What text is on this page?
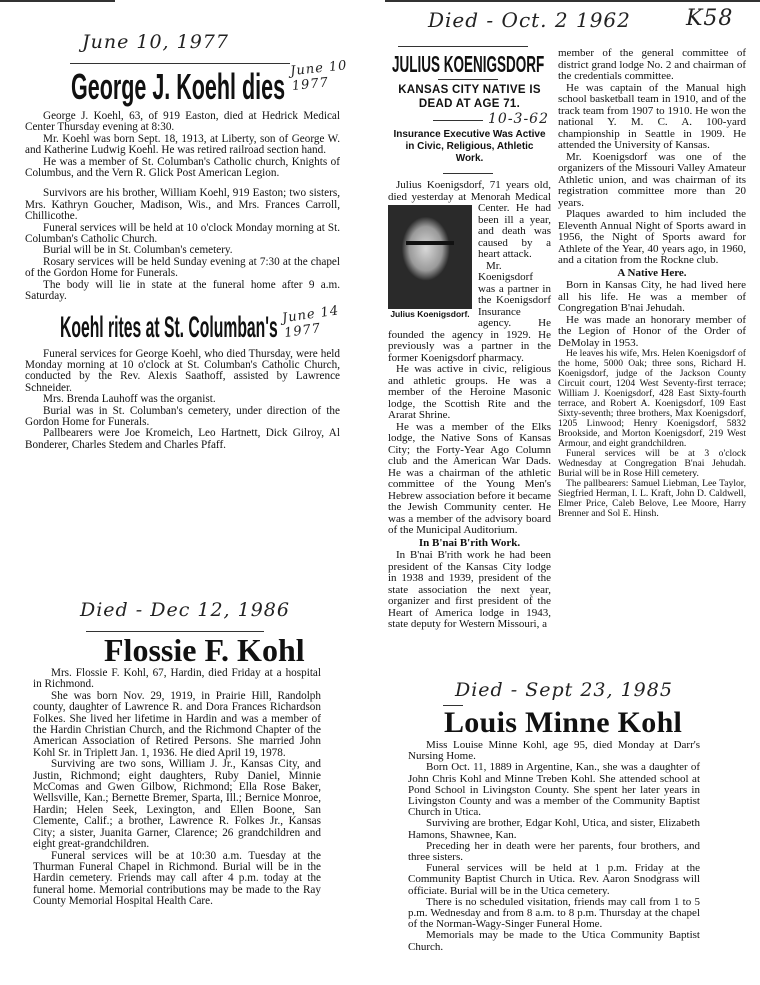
June 10, 1977
George J. Koehl dies June 10 1977

George J. Koehl, 63, of 919 Easton, died at Hedrick Medical Center Thursday evening at 8:30.

Mr. Koehl was born Sept. 18, 1913, at Liberty, son of George W. and Katherine Ludwig Koehl. He was retired railroad section hand.

He was a member of St. Columban's Catholic church, Knights of Columbus, and the Vern R. Glick Post American Legion.

Survivors are his brother, William Koehl, 919 Easton; two sisters, Mrs. Kathryn Goucher, Madison, Wis., and Mrs. Frances Carroll, Chillicothe.

Funeral services will be held at 10 o'clock Monday morning at St. Columban's Catholic Church.

Burial will be in St. Columban's cemetery.

Rosary services will be held Sunday evening at 7:30 at the chapel of the Gordon Home for Funerals.

The body will lie in state at the funeral home after 9 a.m. Saturday.

Koehl rites at St. Columban's June 14 1977

Funeral services for George Koehl, who died Thursday, were held Monday morning at 10 o'clock at St. Columban's Catholic Church, conducted by the Rev. Alexis Saathoff, assisted by Lawrence Schneider.

Mrs. Brenda Lauhoff was the organist.

Burial was in St. Columban's cemetery, under direction of the Gordon Home for Funerals.

Pallbearers were Joe Kromeich, Leo Hartnett, Dick Gilroy, Al Bonderer, Charles Stedem and Charles Pfaff.

Died - Dec 12, 1986
Flossie F. Kohl

Mrs. Flossie F. Kohl, 67, Hardin, died Friday at a hospital in Richmond.

She was born Nov. 29, 1919, in Prairie Hill, Randolph county, daughter of Lawrence R. and Dora Frances Richardson Folkes. She lived her lifetime in Hardin and was a member of the Hardin Christian Church, and the Richmond Chapter of the American Association of Retired Persons. She married John Kohl Sr. in Triplett Jan. 1, 1936. He died April 19, 1978.

Surviving are two sons, William J. Jr., Kansas City, and Justin, Richmond; eight daughters, Ruby Daniel, Minnie McComas and Gwen Gilbow, Richmond; Ella Rose Baker, Wellsville, Kan.; Bernette Bremer, Sparta, Ill.; Bernice Monroe, Hardin; Helen Seek, Lexington, and Ellen Boone, San Clemente, Calif.; a brother, Lawrence R. Folkes Jr., Kansas City; a sister, Juanita Garner, Clarence; 26 grandchildren and eight great-grandchildren.

Funeral services will be at 10:30 a.m. Tuesday at the Thurman Funeral Chapel in Richmond. Burial will be in the Hardin cemetery. Friends may call after 4 p.m. today at the funeral home. Memorial contributions may be made to the Ray County Memorial Hospital Health Care.

Died - Oct. 2 1962	K58
JULIUS KOENIGSDORF
KANSAS CITY NATIVE IS DEAD AT AGE 71.
10-3-62
Insurance Executive Was Active in Civic, Religious, Athletic Work.

Julius Koenigsdorf, 71 years old, died yesterday at Menorah Medical Center. He had
Julius Koenigsdorf.
been ill a year, and death was caused by a heart attack.

Mr. Koenigsdorf was a partner in the Koenigsdorf Insurance agency. He founded the agency in 1929. He previously was a partner in the former Koenigsdorf pharmacy.

He was active in civic, religious and athletic groups. He was a member of the Heroine Masonic lodge, the Scottish Rite and the Ararat Shrine.

He was a member of the Elks lodge, the Native Sons of Kansas City; the Forty-Year Ago Column club and the American War Dads. He was a chairman of the athletic committee of the Young Men's Hebrew association before it became the Jewish Community center. He was a member of the advisory board of the Municipal Auditorium.

In B'nai B'rith Work.

In B'nai B'rith work he had been president of the Kansas City lodge in 1938 and 1939, president of the state association the next year, organizer and first president of the Heart of America lodge in 1943, state deputy for Western Missouri, a

member of the general committee of district grand lodge No. 2 and chairman of the credentials committee.

He was captain of the Manual high school basketball team in 1910, and of the track team from 1907 to 1910. He won the national Y. M. C. A. 100-yard championship in Seattle in 1909. He attended the University of Kansas.

Mr. Koenigsdorf was one of the organizers of the Missouri Valley Amateur Athletic union, and was chairman of its registration committee more than 20 years.

Plaques awarded to him included the Eleventh Annual Night of Sports award in 1956, the Night of Sports award for Athlete of the Year, 40 years ago, in 1960, and a citation from the Rockne club.

A Native Here.

Born in Kansas City, he had lived here all his life. He was a member of Congregation B'nai Jehudah.

He was made an honorary member of the Legion of Honor of the Order of DeMolay in 1953.

He leaves his wife, Mrs. Helen Koenigsdorf of the home, 5000 Oak; three sons, Richard H. Koenigsdorf, judge of the Jackson County Circuit court, 1204 West Seventy-first terrace; William J. Koenigsdorf, 428 East Sixty-fourth terrace, and Robert A. Koenigsdorf, 109 East Sixty-seventh; three brothers, Max Koenigsdorf, 1205 Linwood; Henry Koenigsdorf, 5832 Brookside, and Morton Koenigsdorf, 219 West Armour, and eight grandchildren.

Funeral services will be at 3 o'clock Wednesday at Congregation B'nai Jehudah. Burial will be in Rose Hill cemetery.

The pallbearers: Samuel Liebman, Lee Taylor, Siegfried Herman, I. L. Kraft, John D. Caldwell, Elmer Price, Caleb Belove, Lee Moore, Harry Brenner and Sol E. Hinsh.

Died - Sept 23, 1985
Louis Minne Kohl

Miss Louise Minne Kohl, age 95, died Monday at Darr's Nursing Home.

Born Oct. 11, 1889 in Argentine, Kan., she was a daughter of John Chris Kohl and Minne Treben Kohl. She attended school at Pond School in Livingston County. She spent her later years in Livingston County and was a member of the Community Baptist Church in Utica.

Surviving are brother, Edgar Kohl, Utica, and sister, Elizabeth Hamons, Shawnee, Kan.

Preceding her in death were her parents, four brothers, and three sisters.

Funeral services will be held at 1 p.m. Friday at the Community Baptist Church in Utica. Rev. Aaron Snodgrass will officiate. Burial will be in the Utica cemetery.

There is no scheduled visitation, friends may call from 1 to 5 p.m. Wednesday and from 8 a.m. to 8 p.m. Thursday at the chapel of the Norman-Wagy-Singer Funeral Home.

Memorials may be made to the Utica Community Baptist Church.
